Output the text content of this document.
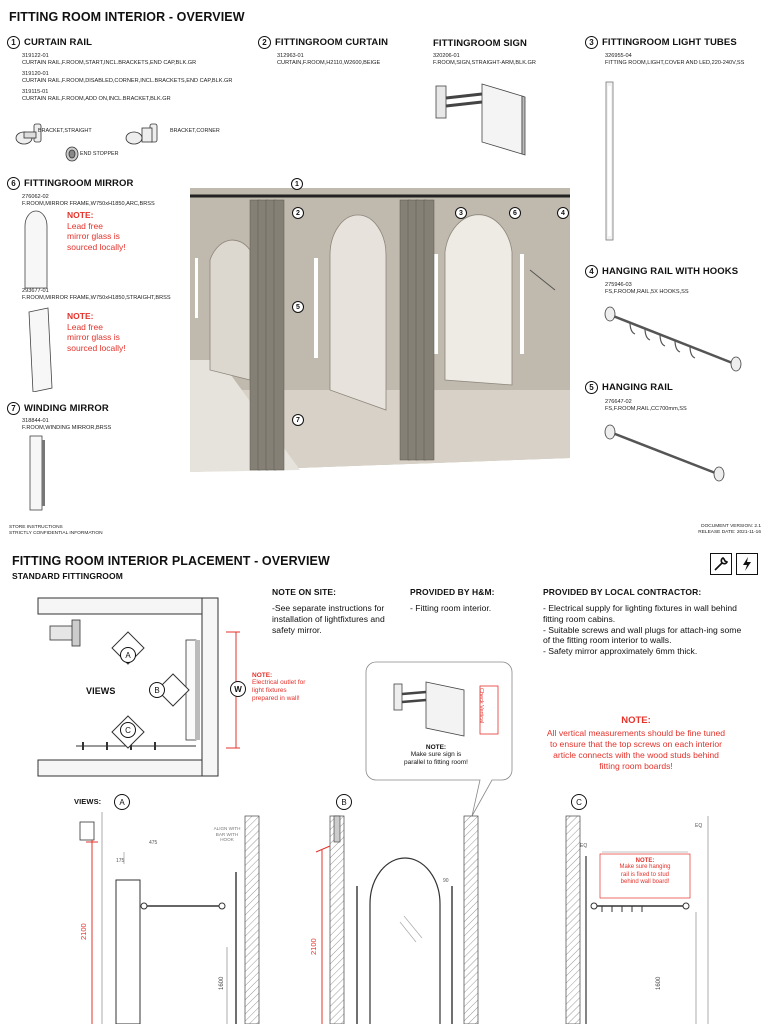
FITTING ROOM INTERIOR - OVERVIEW
1 CURTAIN RAIL
319122-01
CURTAIN RAIL,F.ROOM,START,INCL.BRACKETS,END CAP,BLK.GR
319120-01
CURTAIN RAIL,F.ROOM,DISABLED,CORNER,INCL.BRACKETS,END CAP,BLK.GR
319115-01
CURTAIN RAIL,F.ROOM,ADD ON,INCL.BRACKET,BLK.GR
BRACKET,STRAIGHT	BRACKET,CORNER
END STOPPER
2 FITTINGROOM CURTAIN
312963-01
CURTAIN,F.ROOM,H2110,W2600,BEIGE
FITTINGROOM SIGN
320206-01
F.ROOM,SIGN,STRAIGHT-ARM,BLK.GR
3 FITTINGROOM LIGHT TUBES
326955-04
FITTING ROOM,LIGHT,COVER AND LED,220-240V,SS
6 FITTINGROOM MIRROR
276062-02
F.ROOM,MIRROR FRAME,W750xH1850,ARC,BRSS
NOTE:
Lead free
mirror glass is
sourced locally!
293677-01
F.ROOM,MIRROR FRAME,W750xH1850,STRAIGHT,BRSS
NOTE:
Lead free
mirror glass is
sourced locally!
7 WINDING MIRROR
318844-01
F.ROOM,WINDING MIRROR,BRSS
1
2	3	6	4
5
7
4 HANGING RAIL WITH HOOKS
275946-03
FS,F.ROOM,RAIL,5X HOOKS,SS
5 HANGING RAIL
276647-02
FS,F.ROOM,RAIL,CC700mm,SS
STORE INSTRUCTIONS
STRICTLY CONFIDENTIAL INFORMATION
DOCUMENT VERSION: 2.1
RELEASE DATE: 2021-11-16
FITTING ROOM INTERIOR PLACEMENT - OVERVIEW
STANDARD FITTINGROOM
A
B
C
VIEWS	W
NOTE:
Electrical outlet for
light fixtures
prepared in wall!
NOTE ON SITE:
-See separate instructions for installation of lightfixtures and safety mirror.
PROVIDED BY H&M:
- Fitting room interior.
PROVIDED BY LOCAL CONTRACTOR:
- Electrical supply for lighting fixtures in wall behind fitting room cabins.
- Suitable screws and wall plugs for attach-ing some of the fitting room interior to walls.
- Safety mirror approximately 6mm thick.
Check Vertical
NOTE:
Make sure sign is
parallel to fitting room!
NOTE:
All vertical measurements should be fine tuned to ensure that the top screws on each interior article connects with the wood studs behind fitting room boards!
VIEWS:	A	B	C
2100
1600
475
175
ALIGN WITH BAR WITH HOOK
2100
90
EQ
EQ
NOTE:
Make sure hanging
rail is fixed to stud
behind wall board!
1600
